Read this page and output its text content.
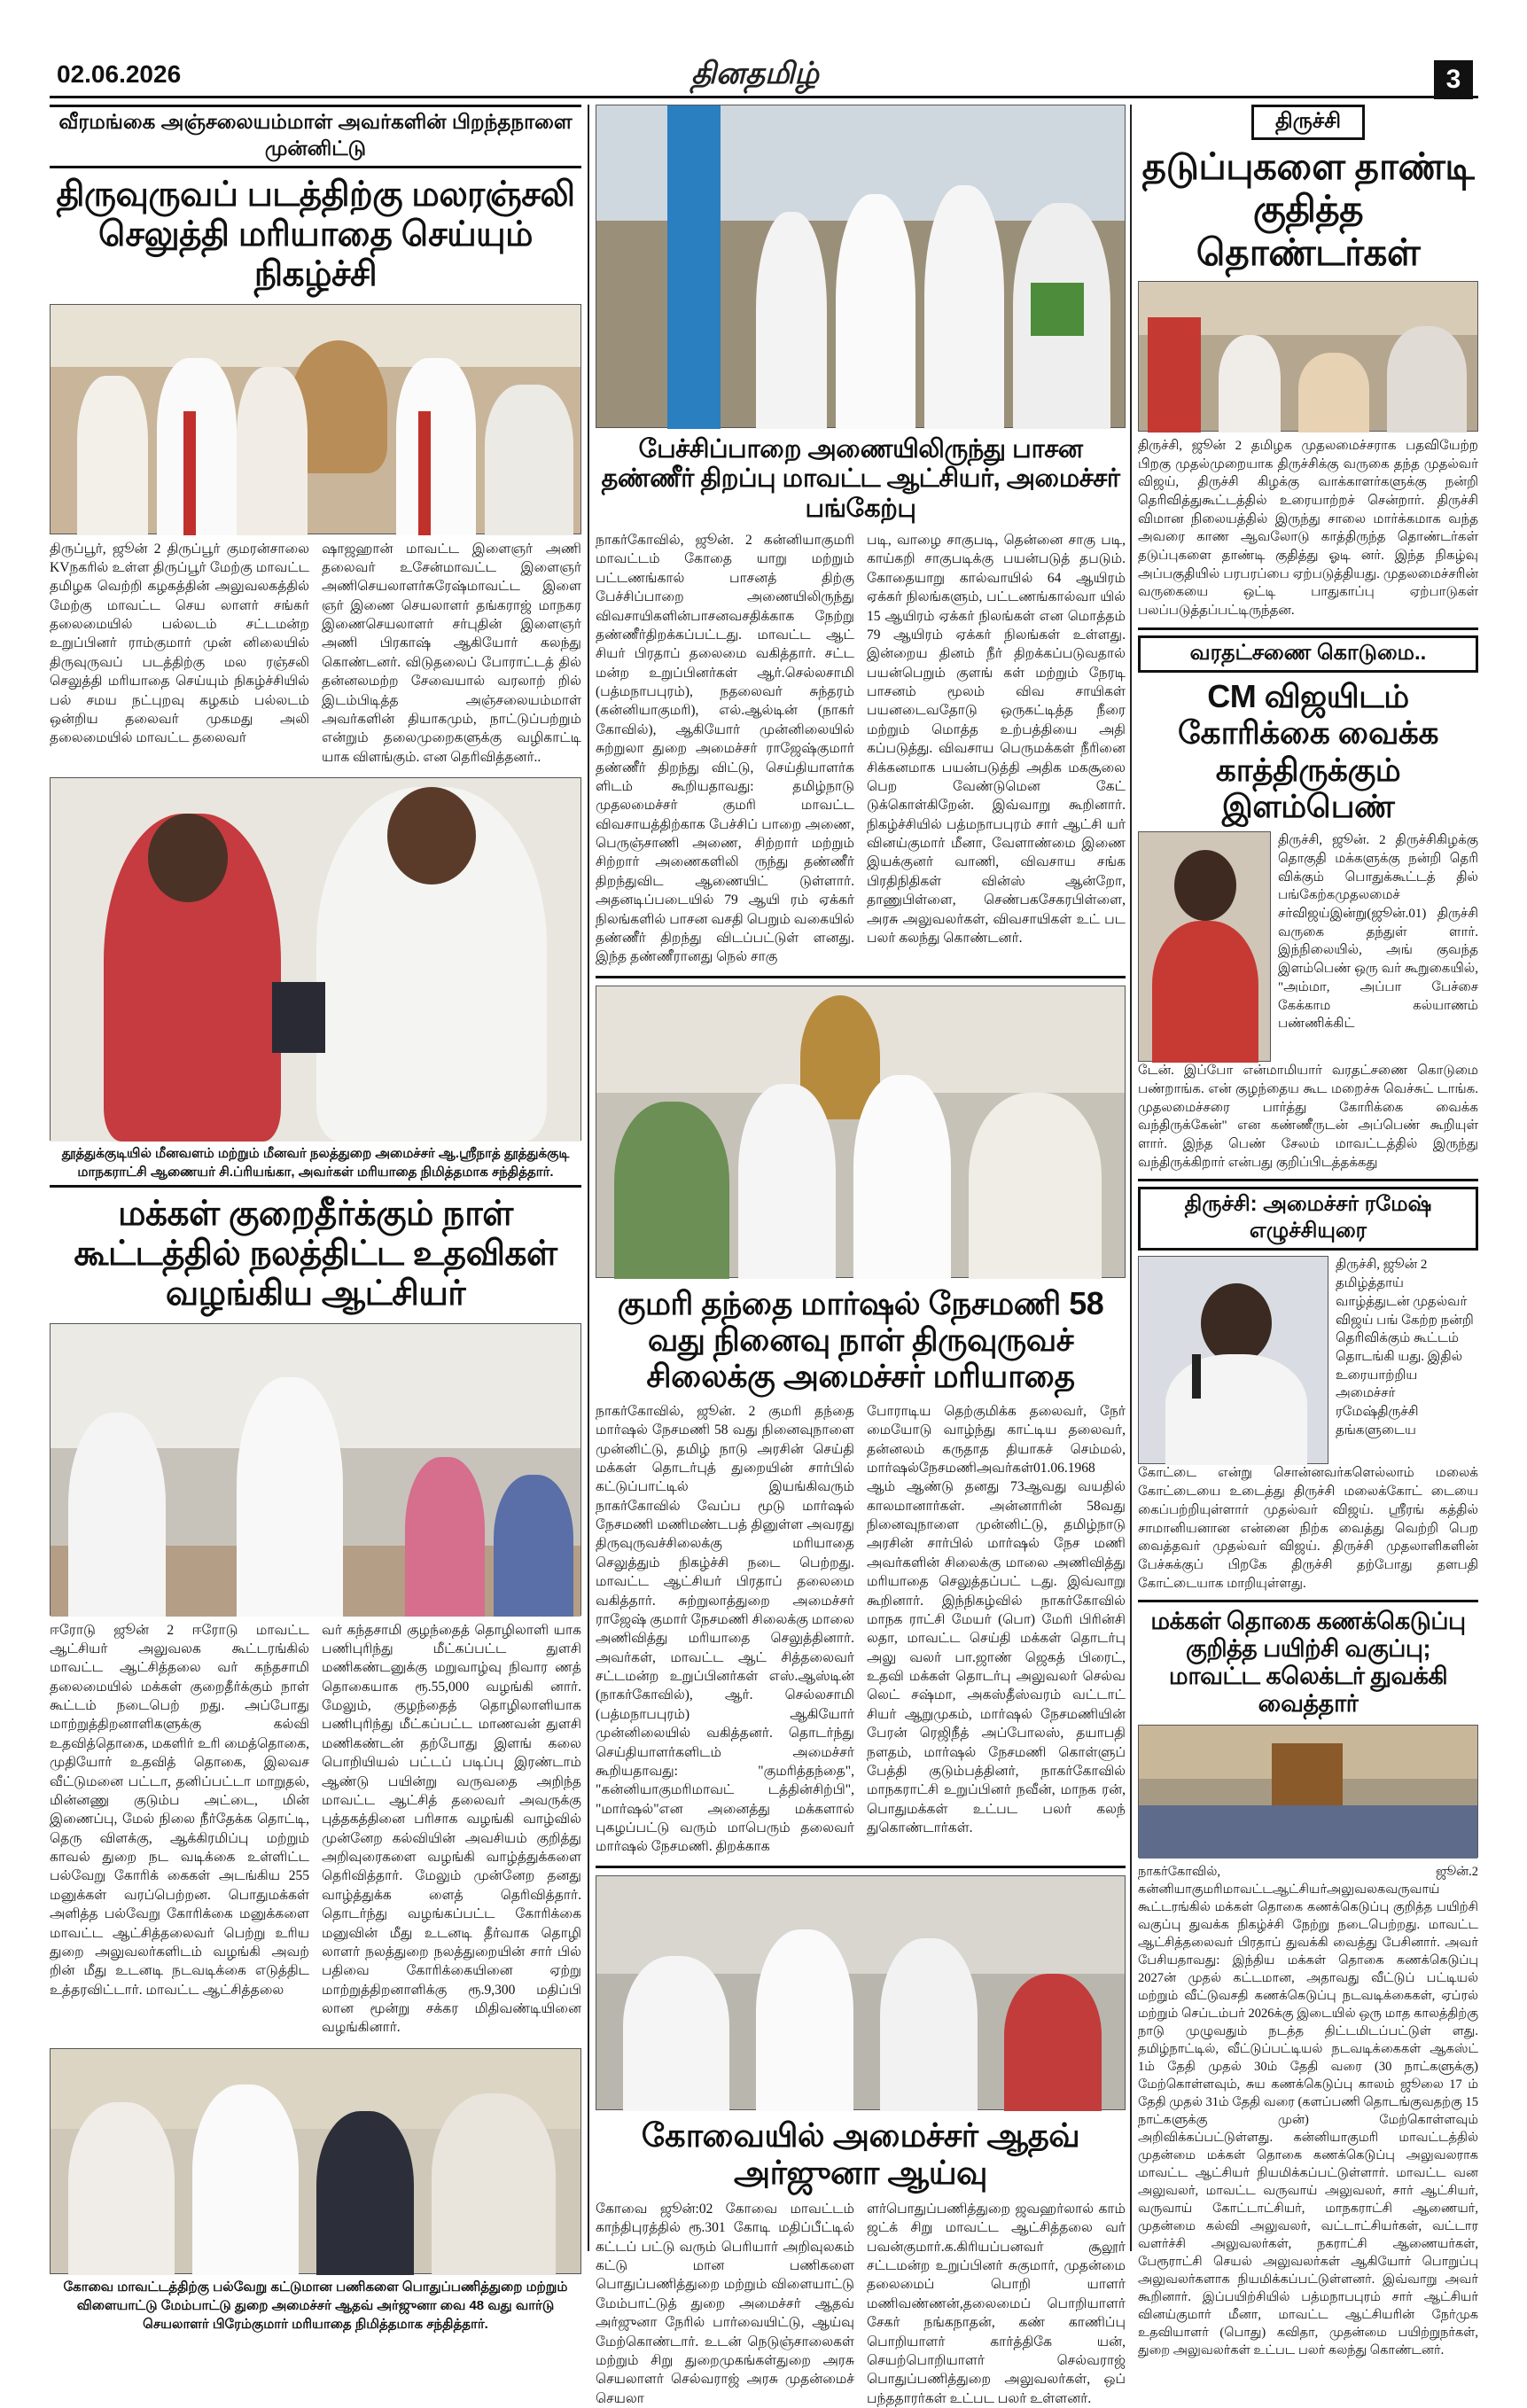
02.06.2026	தினதமிழ்	3
வீரமங்கை அஞ்சலையம்மாள் அவர்களின் பிறந்தநாளை முன்னிட்டு
திருவுருவப் படத்திற்கு மலரஞ்சலி செலுத்தி மரியாதை செய்யும் நிகழ்ச்சி
திருப்பூர், ஜூன் 2 திருப்பூர் குமரன்சாலை KVநகரில் உள்ள திருப்பூர் மேற்கு மாவட்ட தமிழக வெற்றி கழகத்தின் அலுவலகத்தில் மேற்கு மாவட்ட செய லாளர் சங்கர் தலைமையில் பல்லடம் சட்டமன்ற உறுப்பினர் ராம்குமார் முன் னிலையில் திருவுருவப் படத்திற்கு மல ரஞ்சலி செலுத்தி மரியாதை செய்யும் நிகழ்ச்சியில் பல் சமய நட்புறவு கழகம் பல்லடம் ஒன்றிய தலைவர் முகமது அலி தலைமையில் மாவட்ட தலைவர்
ஷாஜஹான் மாவட்ட இளைஞர் அணி தலைவர் உசேன்மாவட்ட இளைஞர் அணிசெயலாளர்சுரேஷ்மாவட்ட இளை ஞர் இணை செயலாளர் தங்கராஜ் மாநகர இணைசெயலாளர் சர்புதின் இளைஞர் அணி பிரகாஷ் ஆகியோர் கலந்து கொண்டனர். விடுதலைப் போராட்டத் தில் தன்னலமற்ற சேவையால் வரலாற் றில் இடம்பிடித்த அஞ்சலையம்மாள் அவர்களின் தியாகமும், நாட்டுப்பற்றும் என்றும் தலைமுறைகளுக்கு வழிகாட்டி யாக விளங்கும். என தெரிவித்தனர்..
தூத்துக்குடியில் மீனவளம் மற்றும் மீனவர் நலத்துறை அமைச்சர் ஆ.ஸ்ரீநாத் தூத்துக்குடி மாநகராட்சி ஆணையர் சி.ப்ரியங்கா, அவர்கள் மரியாதை நிமித்தமாக சந்தித்தார்.
மக்கள் குறைதீர்க்கும் நாள் கூட்டத்தில் நலத்திட்ட உதவிகள் வழங்கிய ஆட்சியர்
ஈரோடு ஜூன் 2 ஈரோடு மாவட்ட ஆட்சியர் அலுவலக கூட்டரங்கில் மாவட்ட ஆட்சித்தலை வர் கந்தசாமி தலைமையில் மக்கள் குறைதீர்க்கும் நாள் கூட்டம் நடைபெற் றது. அப்போது மாற்றுத்திறனாளிகளுக்கு கல்வி உதவித்தொகை, மகளிர் உரி மைத்தொகை, முதியோர் உதவித் தொகை, இலவச வீட்டுமனை பட்டா, தனிப்பட்டா மாறுதல், மின்னணு குடும்ப அட்டை, மின் இணைப்பு, மேல் நிலை நீர்தேக்க தொட்டி, தெரு விளக்கு, ஆக்கிரமிப்பு மற்றும் காவல் துறை நட வடிக்கை உள்ளிட்ட பல்வேறு கோரிக் கைகள் அடங்கிய 255 மனுக்கள் வரப்பெற்றன. பொதுமக்கள் அளித்த பல்வேறு கோரிக்கை மனுக்களை மாவட்ட ஆட்சித்தலைவர் பெற்று உரிய துறை அலுவலர்களிடம் வழங்கி அவற் றின் மீது உடனடி நடவடிக்கை எடுத்திட உத்தரவிட்டார். மாவட்ட ஆட்சித்தலை
வர் கந்தசாமி குழந்தைத் தொழிலாளி யாக பணிபுரிந்து மீட்கப்பட்ட துளசி மணிகண்டனுக்கு மறுவாழ்வு நிவார ணத் தொகையாக ரூ.55,000 வழங்கி னார். மேலும், குழந்தைத் தொழிலாளியாக பணிபுரிந்து மீட்கப்பட்ட மாணவன் துளசி மணிகண்டன் தற்போது இளங் கலை பொறியியல் பட்டப் படிப்பு இரண்டாம் ஆண்டு பயின்று வருவதை அறிந்த மாவட்ட ஆட்சித் தலைவர் அவருக்கு புத்தகத்தினை பரிசாக வழங்கி வாழ்வில் முன்னேற கல்வியின் அவசியம் குறித்து அறிவுரைகளை வழங்கி வாழ்த்துக்களை தெரிவித்தார். மேலும் முன்னேற தனது வாழ்த்துக்க ளைத் தெரிவித்தார். தொடர்ந்து வழங்கப்பட்ட கோரிக்கை மனுவின் மீது உடனடி தீர்வாக தொழி லாளர் நலத்துறை நலத்துறையின் சார் பில் பதிவை கோரிக்கையினை ஏற்று மாற்றுத்திறனாளிக்கு ரூ.9,300 மதிப்பி லான மூன்று சக்கர மிதிவண்டியினை வழங்கினார்.
கோவை மாவட்டத்திற்கு பல்வேறு கட்டுமான பணிகளை பொதுப்பணித்துறை மற்றும் விளையாட்டு மேம்பாட்டு துறை அமைச்சர் ஆதவ் அர்ஜுனா வை 48 வது வார்டு செயலாளர் பிரேம்குமார் மரியாதை நிமித்தமாக சந்தித்தார்.
பேச்சிப்பாறை அணையிலிருந்து பாசன தண்ணீர் திறப்பு மாவட்ட ஆட்சியர், அமைச்சர் பங்கேற்பு
நாகர்கோவில், ஜூன். 2 கன்னியாகுமரி மாவட்டம் கோதை யாறு மற்றும் பட்டணங்கால் பாசனத் திற்கு பேச்சிப்பாறை அணையிலிருந்து விவசாயிகளின்பாசனவசதிக்காக நேற்று தண்ணீர்திறக்கப்பட்டது. மாவட்ட ஆட் சியர் பிரதாப் தலைமை வகித்தார். சட்ட மன்ற உறுப்பினர்கள் ஆர்.செல்லசாமி (பத்மநாபபுரம்), நதலைவர் சுந்தரம் (கன்னியாகுமரி), எல்.ஆல்டின் (நாகர் கோவில்), ஆகியோர் முன்னிலையில் சுற்றுலா துறை அமைச்சர் ராஜேஷ்குமார் தண்ணீர் திறந்து விட்டு, செய்தியாளர்க ளிடம் கூறியதாவது: தமிழ்நாடு முதலமைச்சர் குமரி மாவட்ட விவசாயத்திற்காக பேச்சிப் பாறை அணை, பெருஞ்சாணி அணை, சிற்றார் மற்றும் சிற்றார் அணைகளிலி ருந்து தண்ணீர் திறந்துவிட ஆணையிட் டுள்ளார். அதனடிப்படையில் 79 ஆயி ரம் ஏக்கர் நிலங்களில் பாசன வசதி பெறும் வகையில் தண்ணீர் திறந்து விடப்பட்டுள் ளனது. இந்த தண்ணீரானது நெல் சாகு
படி, வாழை சாகுபடி, தென்னை சாகு படி, காய்கறி சாகுபடிக்கு பயன்படுத் தபடும். கோதையாறு கால்வாயில் 64 ஆயிரம் ஏக்கர் நிலங்களும், பட்டணங்கால்வா யில் 15 ஆயிரம் ஏக்கர் நிலங்கள் என மொத்தம் 79 ஆயிரம் ஏக்கர் நிலங்கள் உள்ளது. இன்றைய தினம் நீர் திறக்கப்படுவதால் பயன்பெறும் குளங் கள் மற்றும் நேரடி பாசனம் மூலம் விவ சாயிகள் பயனடைவதோடு ஒருகட்டித்த நீரை மற்றும் மொத்த உற்பத்தியை அதி கப்படுத்து. விவசாய பெருமக்கள் நீரினை சிக்கனமாக பயன்படுத்தி அதிக மகசூலை பெற வேண்டுமென கேட் டுக்கொள்கிறேன். இவ்வாறு கூறினார். நிகழ்ச்சியில் பத்மநாபபுரம் சார் ஆட்சி யர் வினய்குமார் மீனா, வேளாண்மை இணை இயக்குனர் வாணி, விவசாய சங்க பிரதிநிதிகள் வின்ஸ் ஆன்றோ, தாணுபிள்ளை, செண்பகசேகரபிள்ளை, அரசு அலுவலர்கள், விவசாயிகள் உட் பட பலர் கலந்து கொண்டனர்.
குமரி தந்தை மார்ஷல் நேசமணி 58 வது நினைவு நாள் திருவுருவச் சிலைக்கு அமைச்சர் மரியாதை
நாகர்கோவில், ஜூன். 2 குமரி தந்தை மார்ஷல் நேசமணி 58 வது நினைவுநாளை முன்னிட்டு, தமிழ் நாடு அரசின் செய்தி மக்கள் தொடர்புத் துறையின் சார்பில் கட்டுப்பாட்டில் இயங்கிவரும் நாகர்கோவில் வேப்ப மூடு மார்ஷல் நேசமணி மணிமண்டபத் தினுள்ள அவரது திருவுருவச்சிலைக்கு மரியாதை செலுத்தும் நிகழ்ச்சி நடை பெற்றது. மாவட்ட ஆட்சியர் பிரதாப் தலைமை வகித்தார். சுற்றுலாத்துறை அமைச்சர் ராஜேஷ் குமார் நேசமணி சிலைக்கு மாலை அணிவித்து மரியாதை செலுத்தினார். அவர்கள், மாவட்ட ஆட் சித்தலைவர் சட்டமன்ற உறுப்பினர்கள் எஸ்.ஆஸ்டின் (நாகர்கோவில்), ஆர். செல்லசாமி (பத்மநாபபுரம்) ஆகியோர் முன்னிலையில் வகித்தனர். தொடர்ந்து செய்தியாளர்களிடம் அமைச்சர் கூறியதாவது: "குமரித்தந்தை", "கன்னியாகுமரிமாவட் டத்தின்சிற்பி", "மார்ஷல்"என அனைத்து மக்களால் புகழப்பட்டு வரும் மாபெரும் தலைவர் மார்ஷல் நேசமணி. திறக்காக
போராடிய தெற்குமிக்க தலைவர், நேர் மையோடு வாழ்ந்து காட்டிய தலைவர், தன்னலம் கருதாத தியாகச் செம்மல், மார்ஷல்நேசமணிஅவர்கள்01.06.1968 ஆம் ஆண்டு தனது 73ஆவது வயதில் காலமானார்கள். அன்னாரின் 58வது நினைவுநாளை முன்னிட்டு, தமிழ்நாடு அரசின் சார்பில் மார்ஷல் நேச மணி அவர்களின் சிலைக்கு மாலை அணிவித்து மரியாதை செலுத்தப்பட் டது. இவ்வாறு கூறினார். இந்நிகழ்வில் நாகர்கோவில் மாநக ராட்சி மேயர் (பொ) மேரி பிரின்சி லதா, மாவட்ட செய்தி மக்கள் தொடர்பு அலு வலர் பா.ஜாண் ஜெகத் பிரைட், உதவி மக்கள் தொடர்பு அலுவலர் செல்வ லெட் சஷ்மா, அகஸ்தீஸ்வரம் வட்டாட் சியர் ஆறுமுகம், மார்ஷல் நேசமணியின் பேரன் ரெஜிநீத் அப்போலஸ், தயாபதி நளதம், மார்ஷல் நேசமணி கொள்ளுப் பேத்தி குடும்பத்தினர், நாகர்கோவில் மாநகராட்சி உறுப்பினர் நவீன், மாநக ரன், பொதுமக்கள் உட்பட பலர் கலந் துகொண்டார்கள்.
கோவையில் அமைச்சர் ஆதவ் அர்ஜுனா ஆய்வு
கோவை ஜூன்:02 கோவை மாவட்டம் காந்திபுரத்தில் ரூ.301 கோடி மதிப்பீட்டில் கட்டப் பட்டு வரும் பெரியார் அறிவுலகம் கட்டு மான பணிகளை பொதுப்பணித்துறை மற்றும் விளையாட்டு மேம்பாட்டுத் துறை அமைச்சர் ஆதவ் அர்ஜுனா நேரில் பார்வையிட்டு, ஆய்வு மேற்கொண்டார். உடன் நெடுஞ்சாலைகள் மற்றும் சிறு துறைமுகங்கள்துறை அரசு செயலாளர் செல்வராஜ் அரசு முதன்மைச் செயலா
ளர்பொதுப்பணித்துறை ஜவஹர்லால் காம் ஜட்க் சிறு மாவட்ட ஆட்சித்தலை வர் பவன்குமார்.க.கிரியப்பனவர் சூலூர் சட்டமன்ற உறுப்பினர் சுகுமார், முதன்மை தலைமைப் பொறி யாளர் மணிவண்ணன்,தலைமைப் பொறியாளர் சேகர் நங்கநாதன், கண் காணிப்பு பொறியாளர் கார்த்திகே யன், செயற்பொறியாளர் செல்வராஜ் பொதுப்பணித்துறை அலுவலர்கள், ஒப் பந்ததாரர்கள் உட்பட பலர் உள்ளனர்.
திருச்சி
தடுப்புகளை தாண்டி குதித்த தொண்டர்கள்
திருச்சி, ஜூன் 2 தமிழக முதலமைச்சராக பதவியேற்ற பிறகு முதல்முறையாக திருச்சிக்கு வருகை தந்த முதல்வர் விஜய், திருச்சி கிழக்கு வாக்காளர்களுக்கு நன்றி தெரிவித்துகூட்டத்தில் உரையாற்றச் சென்றார். திருச்சி விமான நிலையத்தில் இருந்து சாலை மார்க்கமாக வந்த அவரை காண ஆவலோடு காத்திருந்த தொண்டர்கள் தடுப்புகளை தாண்டி குதித்து ஓடி னர். இந்த நிகழ்வு அப்பகுதியில் பரபரப்பை ஏற்படுத்தியது. முதலமைச்சரின் வருகையை ஒட்டி பாதுகாப்பு ஏற்பாடுகள் பலப்படுத்தப்பட்டிருந்தன.
வரதட்சணை கொடுமை..
CM விஜயிடம் கோரிக்கை வைக்க காத்திருக்கும் இளம்பெண்
திருச்சி, ஜூன். 2 திருச்சிகிழக்கு தொகுதி மக்களுக்கு நன்றி தெரி விக்கும் பொதுக்கூட்டத் தில் பங்கேற்கமுதலமைச் சர்விஜய்இன்று(ஜூன்.01) திருச்சி வருகை தந்துள் ளார். இந்நிலையில், அங் குவந்த இளம்பெண் ஒரு வர் கூறுகையில், "அம்மா, அப்பா பேச்சை கேக்காம கல்யாணம் பண்ணிக்கிட்
டேன். இப்போ என்மாமியார் வரதட்சணை கொடுமை பண்றாங்க. என் குழந்தைய கூட மறைச்சு வெச்சுட் டாங்க. முதலமைச்சரை பார்த்து கோரிக்கை வைக்க வந்திருக்கேன்" என கண்ணீருடன் அப்பெண் கூறியுள் ளார். இந்த பெண் சேலம் மாவட்டத்தில் இருந்து வந்திருக்கிறார் என்பது குறிப்பிடத்தக்கது
திருச்சி: அமைச்சர் ரமேஷ் எழுச்சியுரை
திருச்சி, ஜூன் 2 தமிழ்த்தாய் வாழ்த்துடன் முதல்வர் விஜய் பங் கேற்ற நன்றி தெரிவிக்கும் கூட்டம் தொடங்கி யது. இதில் உரையாற்றிய அமைச்சர் ரமேஷ்திருச்சி தங்களுடைய
கோட்டை என்று சொன்னவர்களெல்லாம் மலைக் கோட்டையை உடைத்து திருச்சி மலைக்கோட் டையை கைப்பற்றியுள்ளார் முதல்வர் விஜய். ஸ்ரீரங் கத்தில் சாமானியனான என்னை நிற்க வைத்து வெற்றி பெற வைத்தவர் முதல்வர் விஜய். திருச்சி முதலாளிகளின் பேச்சுக்குப் பிறகே திருச்சி தற்போது தளபதி கோட்டையாக மாறியுள்ளது.
மக்கள் தொகை கணக்கெடுப்பு குறித்த பயிற்சி வகுப்பு; மாவட்ட கலெக்டர் துவக்கி வைத்தார்
நாகர்கோவில், ஜூன்.2 கன்னியாகுமரிமாவட்டஆட்சியர்அலுவலகவருவாய் கூட்டரங்கில் மக்கள் தொகை கணக்கெடுப்பு குறித்த பயிற்சி வகுப்பு துவக்க நிகழ்ச்சி நேற்று நடைபெற்றது. மாவட்ட ஆட்சித்தலைவர் பிரதாப் துவக்கி வைத்து பேசினார். அவர் பேசியதாவது: இந்திய மக்கள் தொகை கணக்கெடுப்பு 2027ன் முதல் கட்டமான, அதாவது வீட்டுப் பட்டியல் மற்றும் வீட்டுவசதி கணக்கெடுப்பு நடவடிக்கைகள், ஏப்ரல் மற்றும் செப்டம்பர் 2026க்கு இடையில் ஒரு மாத காலத்திற்கு நாடு முழுவதும் நடத்த திட்டமிடப்பட்டுள் ளது. தமிழ்நாட்டில், வீட்டுப்பட்டியல் நடவடிக்கைகள் ஆகஸ்ட் 1ம் தேதி முதல் 30ம் தேதி வரை (30 நாட்களுக்கு) மேற்கொள்ளவும், சுய கணக்கெடுப்பு காலம் ஜூலை 17 ம் தேதி முதல் 31ம் தேதி வரை (களப்பணி தொடங்குவதற்கு 15 நாட்களுக்கு முன்) மேற்கொள்ளவும் அறிவிக்கப்பட்டுள்ளது. கன்னியாகுமரி மாவட்டத்தில் முதன்மை மக்கள் தொகை கணக்கெடுப்பு அலுவலராக மாவட்ட ஆட்சியர் நியமிக்கப்பட்டுள்ளார். மாவட்ட வன அலுவலர், மாவட்ட வருவாய் அலுவலர், சார் ஆட்சியர், வருவாய் கோட்டாட்சியர், மாநகராட்சி ஆணையர், முதன்மை கல்வி அலுவலர், வட்டாட்சியர்கள், வட்டார வளர்ச்சி அலுவலர்கள், நகராட்சி ஆணையர்கள், பேரூராட்சி செயல் அலுவலர்கள் ஆகியோர் பொறுப்பு அலுவலர்களாக நியமிக்கப்பட்டுள்ளனர். இவ்வாறு அவர் கூறினார். இப்பயிற்சியில் பத்மநாபபுரம் சார் ஆட்சியர் வினய்குமார் மீனா, மாவட்ட ஆட்சியரின் நேர்முக உதவியாளர் (பொது) கவிதா, முதன்மை பயிற்றுநர்கள், துறை அலுவலர்கள் உட்பட பலர் கலந்து கொண்டனர்.
